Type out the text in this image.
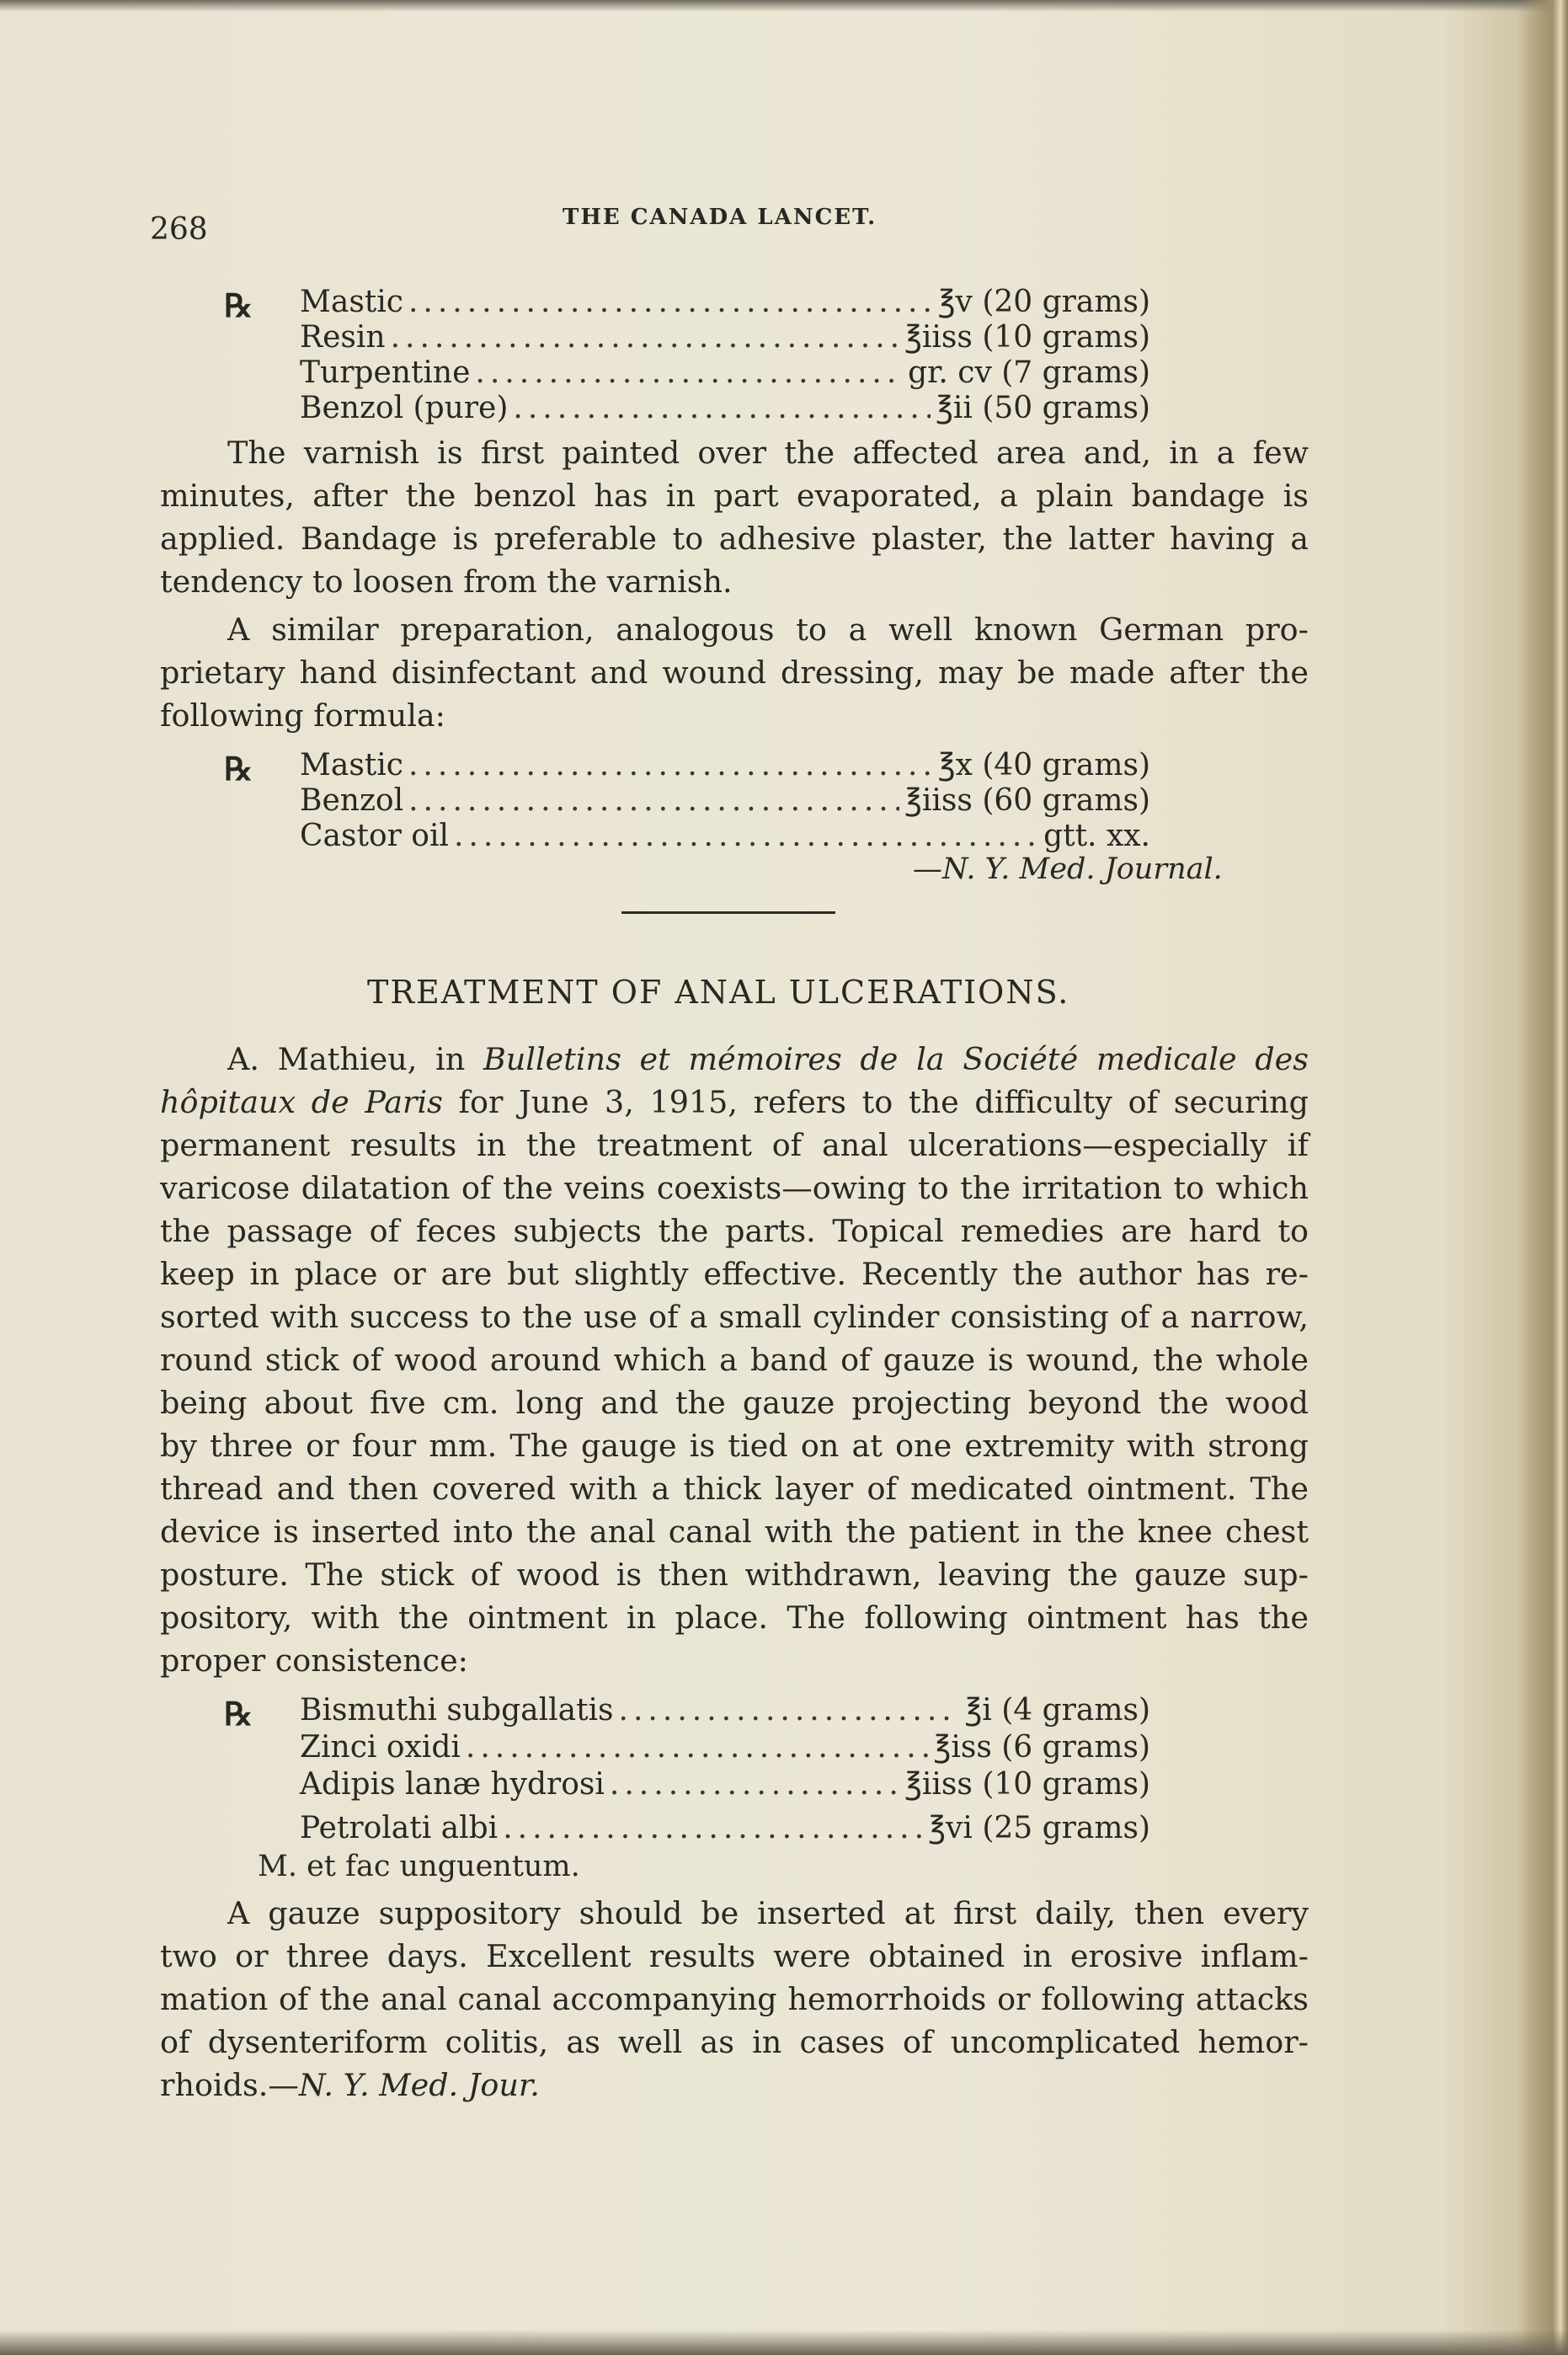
268	THE CANADA LANCET.
℞ Mastic .....	℥v (20 grams)
Resin .....	℥iiss (10 grams)
Turpentine .....	gr. cv (7 grams)
Benzol (pure) .....	℥ii (50 grams)
The varnish is first painted over the affected area and, in a few
minutes, after the benzol has in part evaporated, a plain bandage is
applied. Bandage is preferable to adhesive plaster, the latter having a
tendency to loosen from the varnish.
A similar preparation, analogous to a well known German pro-
prietary hand disinfectant and wound dressing, may be made after the
following formula:
℞ Mastic .....	℥x (40 grams)
Benzol .....	℥iiss (60 grams)
Castor oil .....	gtt. xx.
—N. Y. Med. Journal.
TREATMENT OF ANAL ULCERATIONS.
A. Mathieu, in Bulletins et mémoires de la Société medicale des
hôpitaux de Paris for June 3, 1915, refers to the difficulty of securing
permanent results in the treatment of anal ulcerations—especially if
varicose dilatation of the veins coexists—owing to the irritation to which
the passage of feces subjects the parts. Topical remedies are hard to
keep in place or are but slightly effective. Recently the author has re-
sorted with success to the use of a small cylinder consisting of a narrow,
round stick of wood around which a band of gauze is wound, the whole
being about five cm. long and the gauze projecting beyond the wood
by three or four mm. The gauge is tied on at one extremity with strong
thread and then covered with a thick layer of medicated ointment. The
device is inserted into the anal canal with the patient in the knee chest
posture. The stick of wood is then withdrawn, leaving the gauze sup-
pository, with the ointment in place. The following ointment has the
proper consistence:
℞ Bismuthi subgallatis .....	℥i (4 grams)
Zinci oxidi .....	℥iss (6 grams)
Adipis lanæ hydrosi .....	℥iiss (10 grams)
Petrolati albi .....	℥vi (25 grams)
M. et fac unguentum.
A gauze suppository should be inserted at first daily, then every
two or three days. Excellent results were obtained in erosive inflam-
mation of the anal canal accompanying hemorrhoids or following attacks
of dysenteriform colitis, as well as in cases of uncomplicated hemor-
rhoids.—N. Y. Med. Jour.
